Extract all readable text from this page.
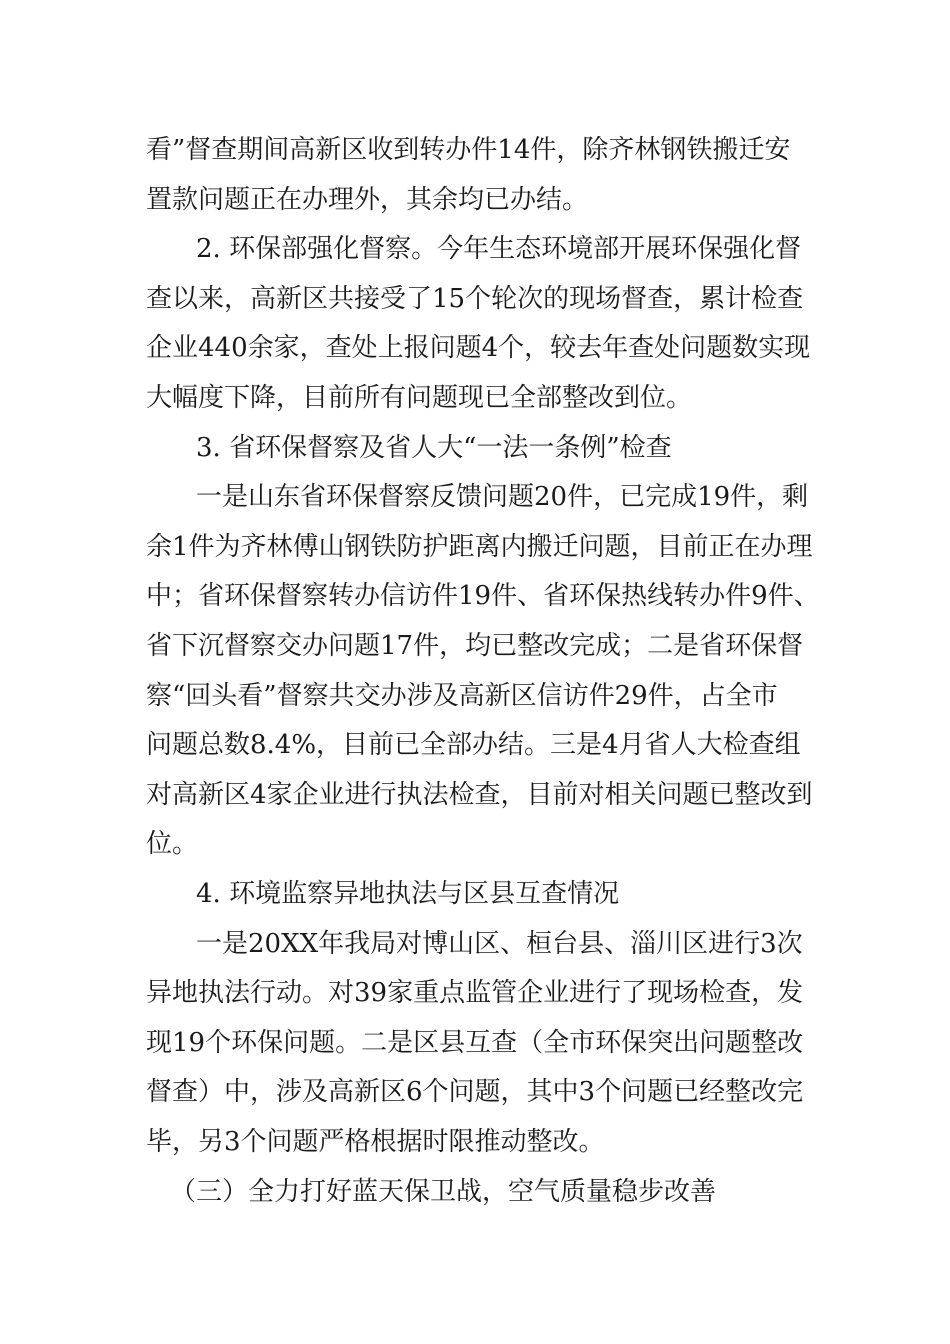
看”督查期间高新区收到转办件14件，除齐林钢铁搬迁安
置款问题正在办理外，其余均已办结。
2. 环保部强化督察。今年生态环境部开展环保强化督
查以来，高新区共接受了15个轮次的现场督查，累计检查
企业440余家，查处上报问题4个，较去年查处问题数实现
大幅度下降，目前所有问题现已全部整改到位。
3. 省环保督察及省人大“一法一条例”检查
一是山东省环保督察反馈问题20件，已完成19件，剩
余1件为齐林傅山钢铁防护距离内搬迁问题，目前正在办理
中；省环保督察转办信访件19件、省环保热线转办件9件、
省下沉督察交办问题17件，均已整改完成；二是省环保督
察“回头看”督察共交办涉及高新区信访件29件，占全市
问题总数8.4%，目前已全部办结。三是4月省人大检查组
对高新区4家企业进行执法检查，目前对相关问题已整改到
位。
4. 环境监察异地执法与区县互查情况
一是20XX年我局对博山区、桓台县、淄川区进行3次
异地执法行动。对39家重点监管企业进行了现场检查，发
现19个环保问题。二是区县互查（全市环保突出问题整改
督查）中，涉及高新区6个问题，其中3个问题已经整改完
毕，另3个问题严格根据时限推动整改。
（三）全力打好蓝天保卫战，空气质量稳步改善
